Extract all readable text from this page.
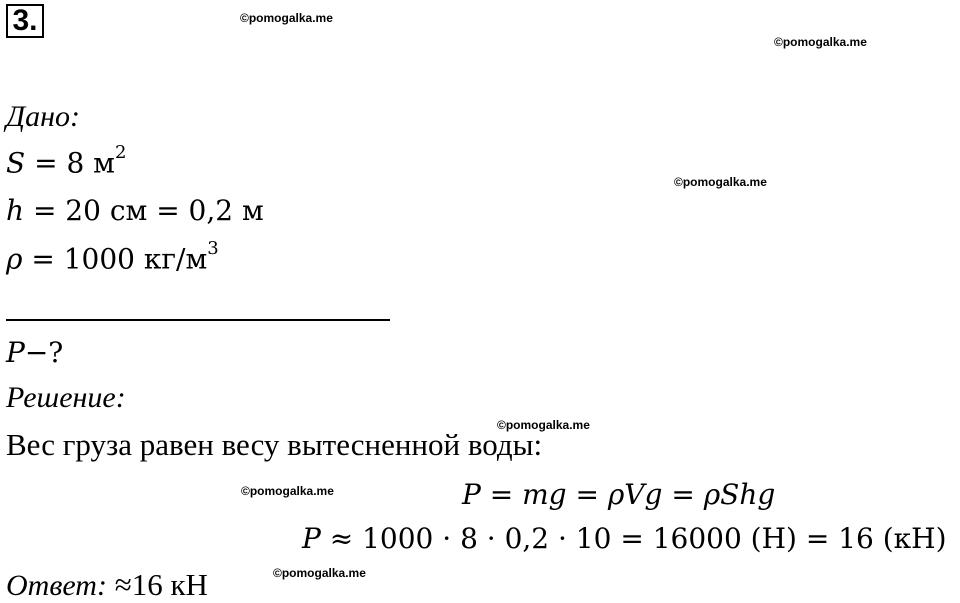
3.	©pomogalka.me
©pomogalka.me
©pomogalka.me
©pomogalka.me
©pomogalka.me
©pomogalka.me
Дано:
S = 8 $м^2$
h = 20 см = 0,2 м
ρ = 1000 $кг/м^3$
P−?
Решение:
Вес груза равен весу вытесненной воды:
P = mg = ρVg = ρShg
P ≈ 1000 · 8 · 0,2 · 10 = 16000 (Н) = 16 (кН)
Ответ: ≈16 кН
